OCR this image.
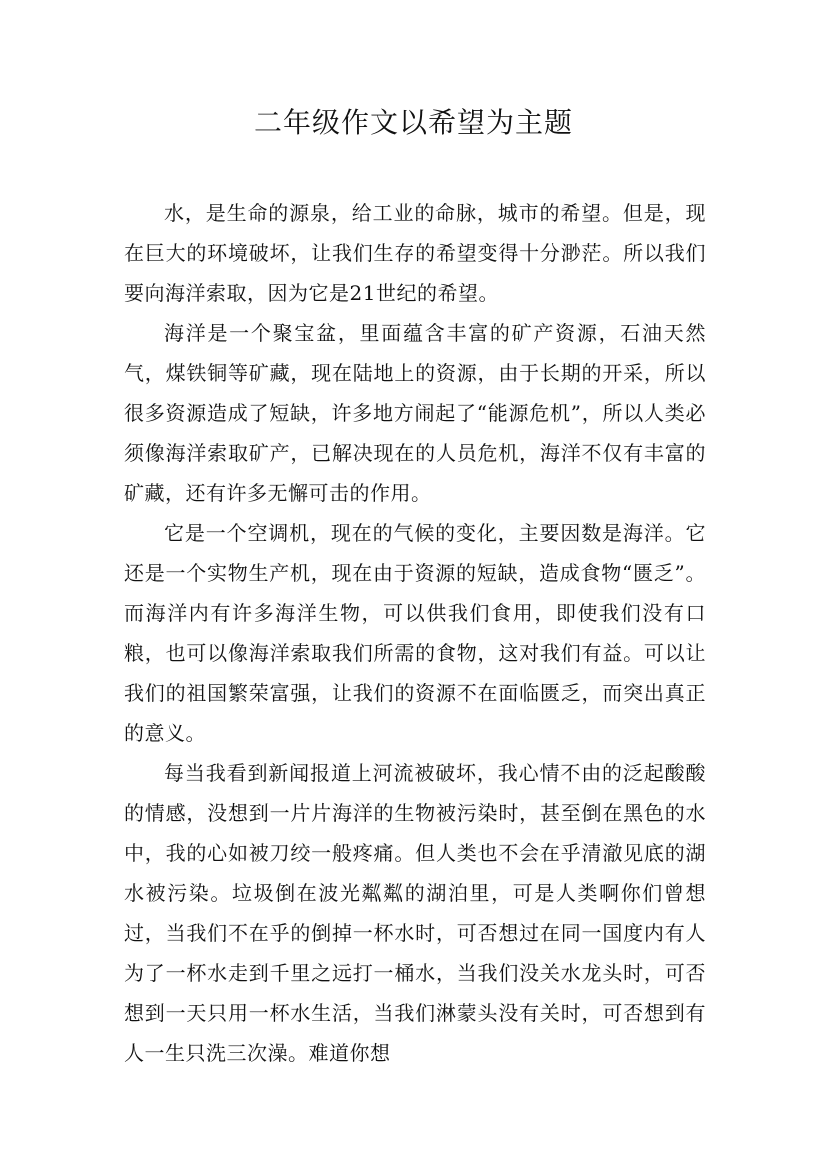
二年级作文以希望为主题

水，是生命的源泉，给工业的命脉，城市的希望。但是，现在巨大的环境破坏，让我们生存的希望变得十分渺茫。所以我们要向海洋索取，因为它是21世纪的希望。

海洋是一个聚宝盆，里面蕴含丰富的矿产资源，石油天然气，煤铁铜等矿藏，现在陆地上的资源，由于长期的开采，所以很多资源造成了短缺，许多地方闹起了“能源危机”，所以人类必须像海洋索取矿产，已解决现在的人员危机，海洋不仅有丰富的矿藏，还有许多无懈可击的作用。

它是一个空调机，现在的气候的变化，主要因数是海洋。它还是一个实物生产机，现在由于资源的短缺，造成食物“匮乏”。而海洋内有许多海洋生物，可以供我们食用，即使我们没有口粮，也可以像海洋索取我们所需的食物，这对我们有益。可以让我们的祖国繁荣富强，让我们的资源不在面临匮乏，而突出真正的意义。

每当我看到新闻报道上河流被破坏，我心情不由的泛起酸酸的情感，没想到一片片海洋的生物被污染时，甚至倒在黑色的水中，我的心如被刀绞一般疼痛。但人类也不会在乎清澈见底的湖水被污染。垃圾倒在波光粼粼的湖泊里，可是人类啊你们曾想过，当我们不在乎的倒掉一杯水时，可否想过在同一国度内有人为了一杯水走到千里之远打一桶水，当我们没关水龙头时，可否想到一天只用一杯水生活，当我们淋蒙头没有关时，可否想到有人一生只洗三次澡。难道你想
